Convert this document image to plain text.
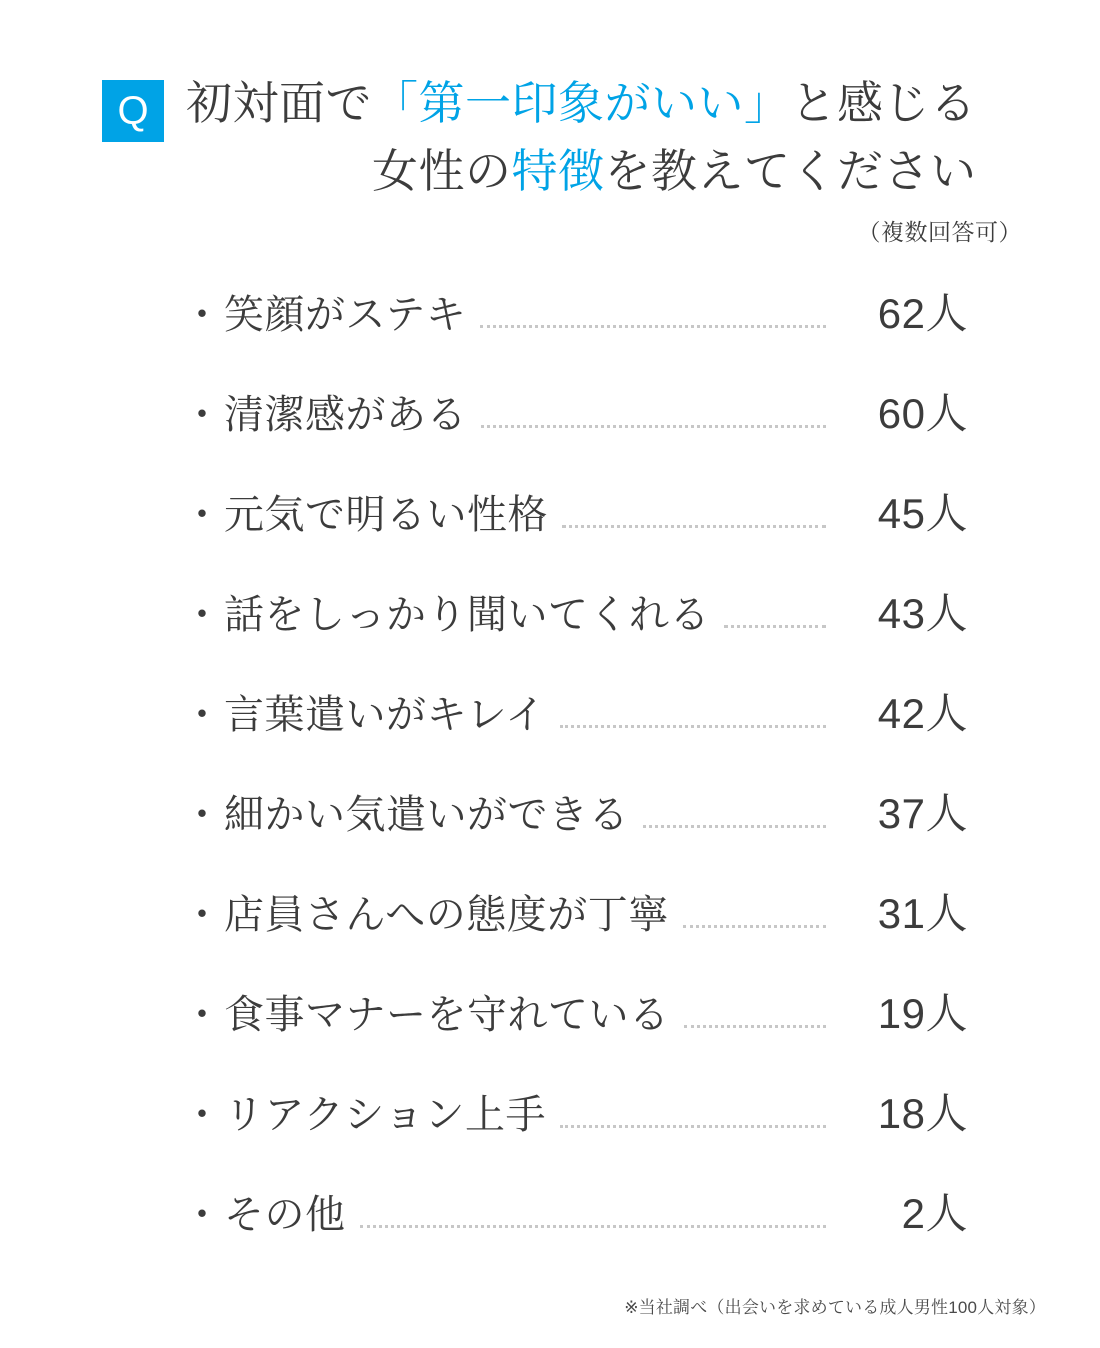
Q 初対面で「第一印象がいい」と感じる
女性の特徴を教えてください
（複数回答可）
・ 笑顔がステキ	62人
・ 清潔感がある	60人
・ 元気で明るい性格	45人
・ 話をしっかり聞いてくれる	43人
・ 言葉遣いがキレイ	42人
・ 細かい気遣いができる	37人
・ 店員さんへの態度が丁寧	31人
・ 食事マナーを守れている	19人
・ リアクション上手	18人
・ その他	2人
※当社調べ（出会いを求めている成人男性100人対象）
